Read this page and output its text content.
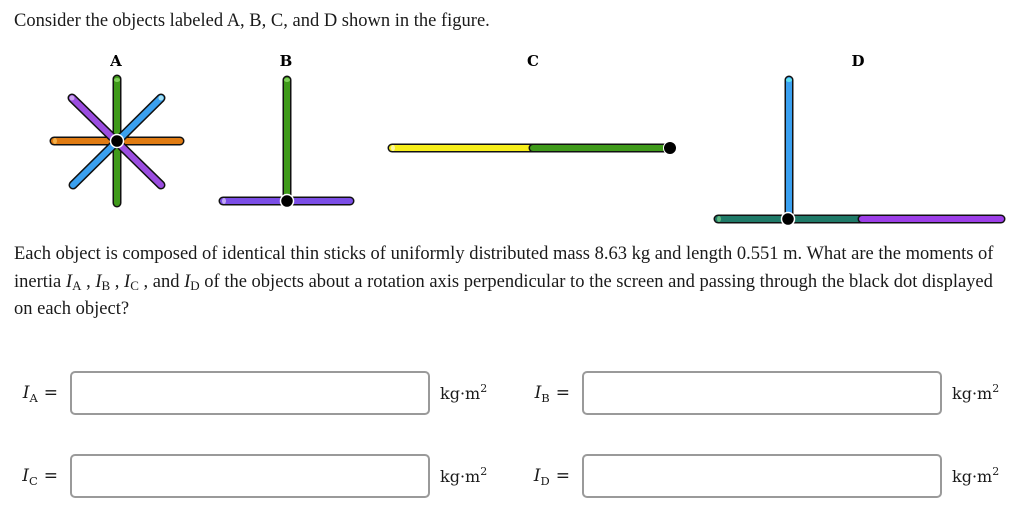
Consider the objects labeled A, B, C, and D shown in the figure.
A	B	C	D
Each object is composed of identical thin sticks of uniformly distributed mass 8.63 kg and length 0.551 m. What are the moments of inertia $I_A$ , $I_B$ , $I_C$ , and $I_D$ of the objects about a rotation axis perpendicular to the screen and passing through the black dot displayed on each object?
I A =	$kg\cdot m^2$	I B =	$kg\cdot m^2$
I C =	$kg\cdot m^2$	I D =	$kg\cdot m^2$
